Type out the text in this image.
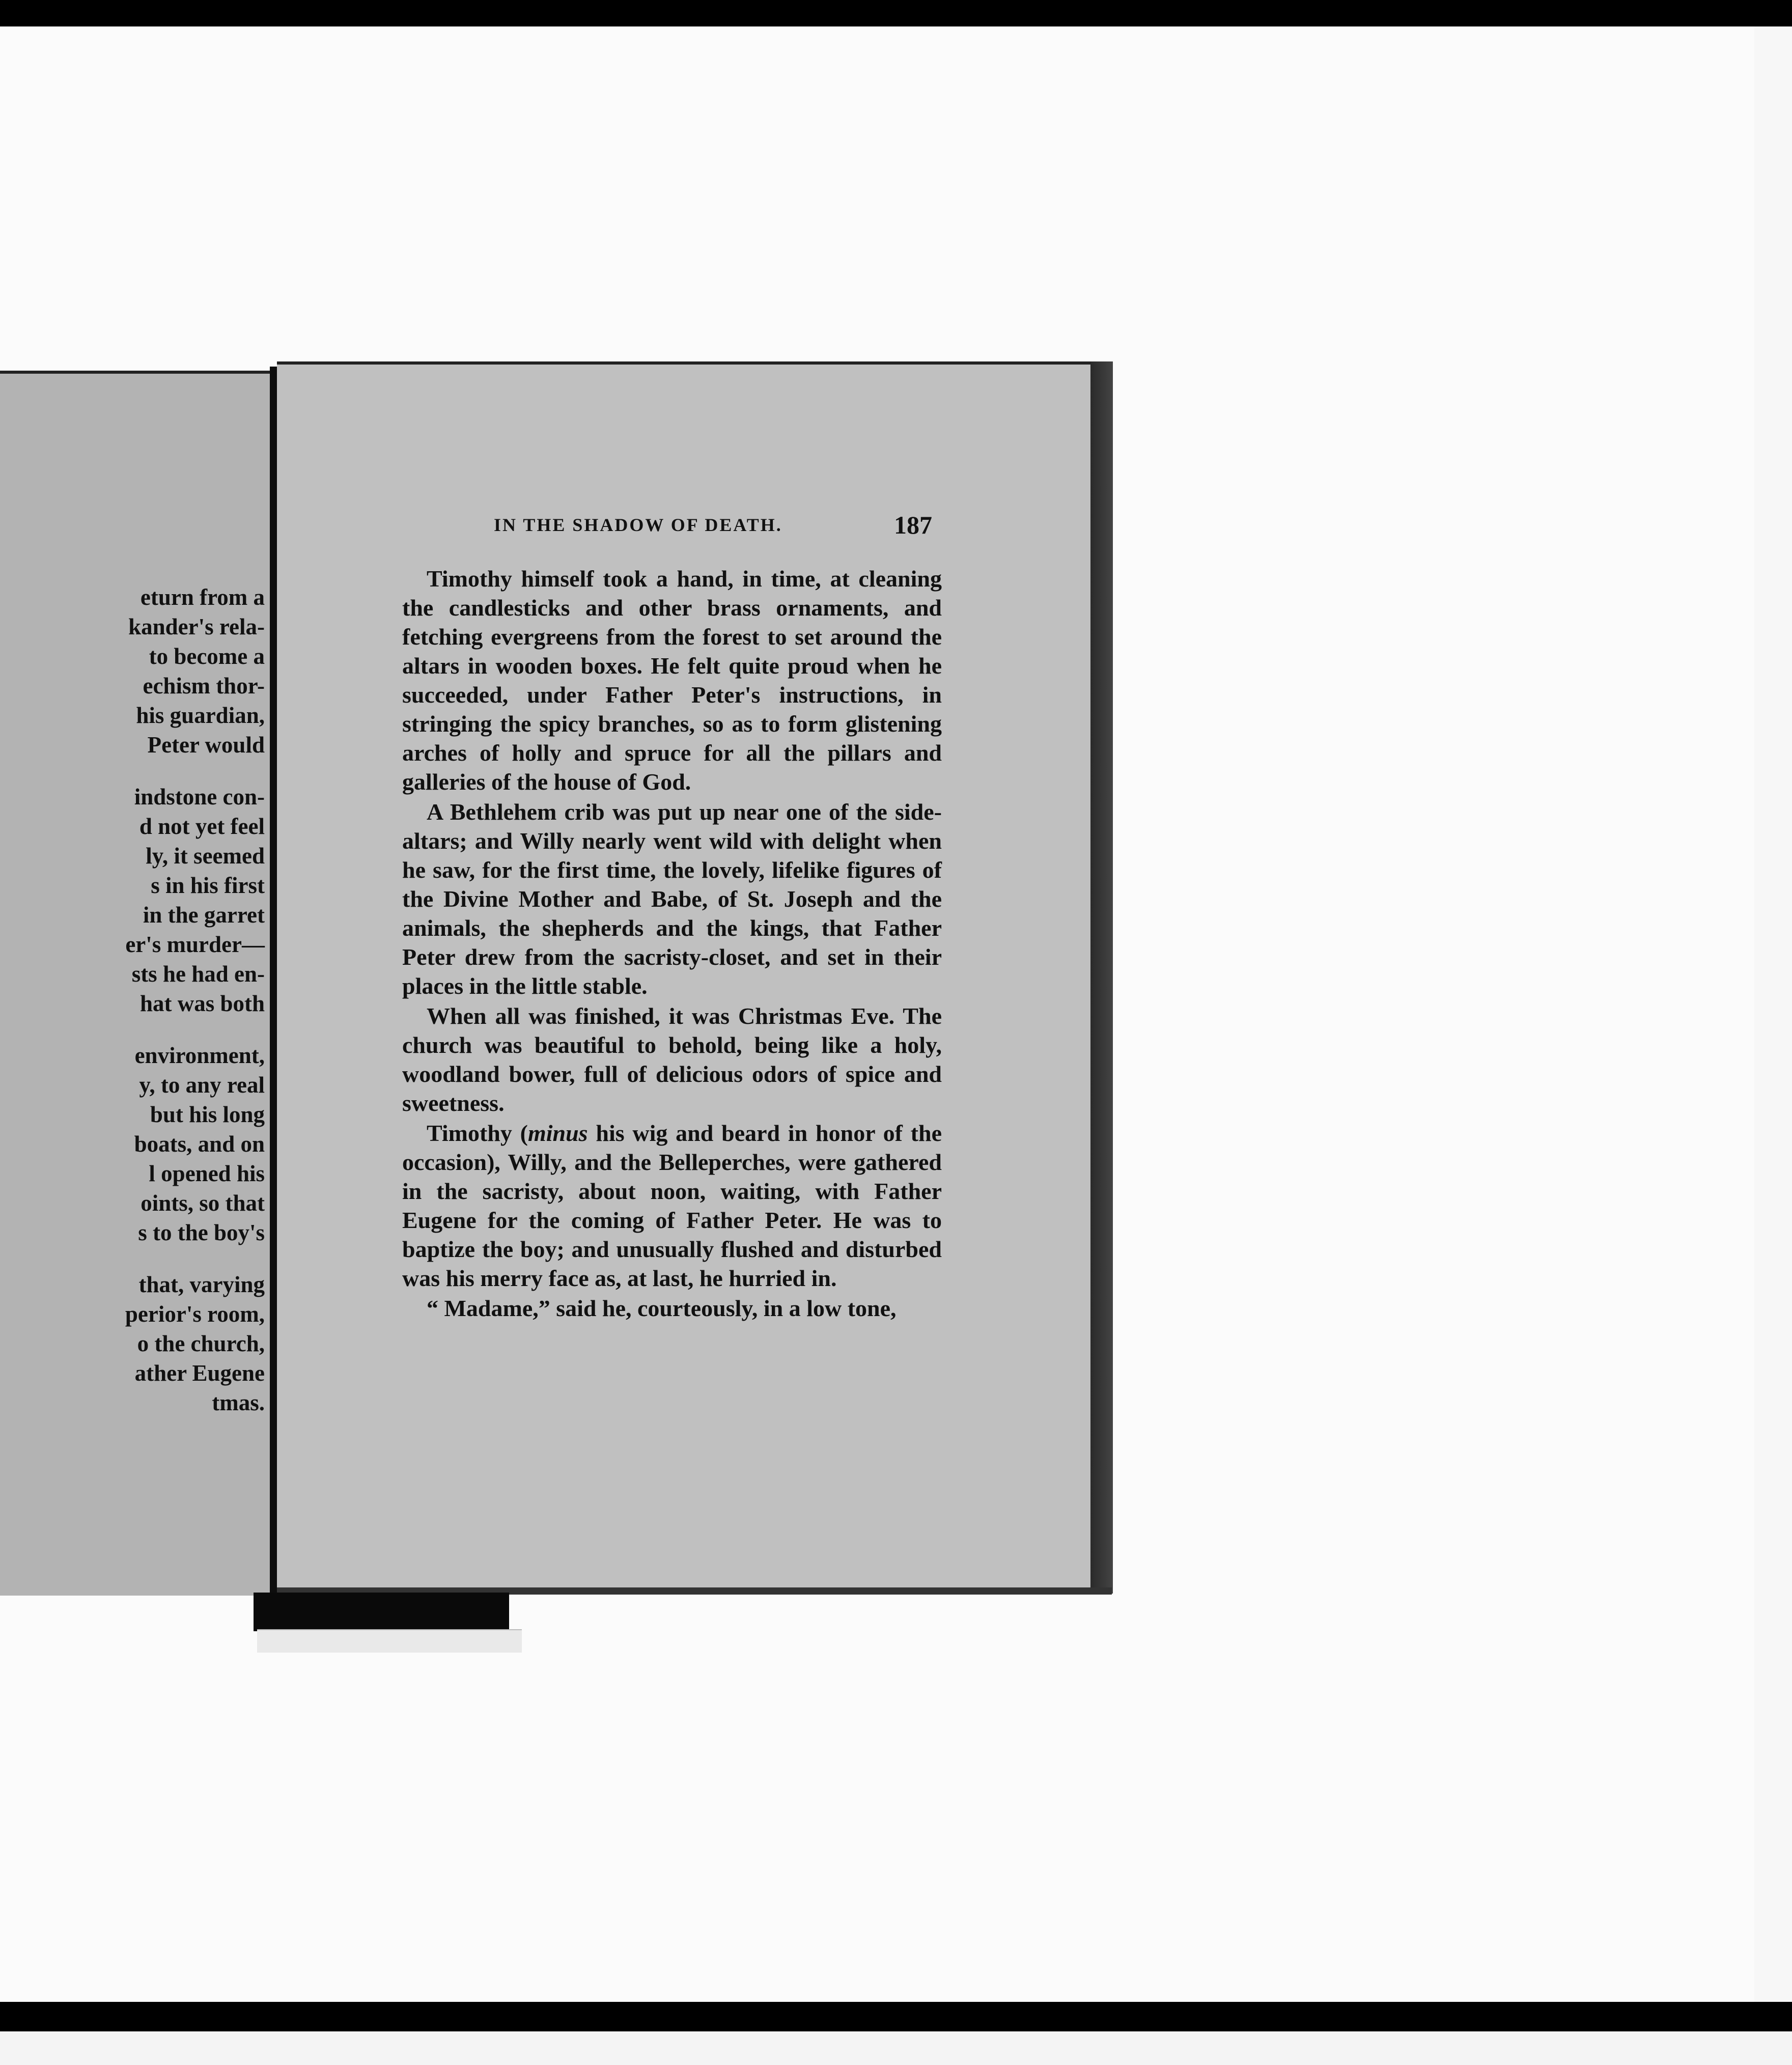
eturn from a
kander's rela-
to become a
echism thor-
his guardian,
Peter would
indstone con-
d not yet feel
ly, it seemed
s in his first
in the garret
er's murder—
sts he had en-
hat was both
environment,
y, to any real
but his long
boats, and on
l opened his
oints, so that
s to the boy's
that, varying
perior's room,
o the church,
ather Eugene
tmas.
IN THE SHADOW OF DEATH.	187

Timothy himself took a hand, in time, at cleaning the candlesticks and other brass ornaments, and fetching evergreens from the forest to set around the altars in wooden boxes. He felt quite proud when he succeeded, under Father Peter's instructions, in stringing the spicy branches, so as to form glistening arches of holly and spruce for all the pillars and galleries of the house of God.

A Bethlehem crib was put up near one of the side-altars; and Willy nearly went wild with delight when he saw, for the first time, the lovely, lifelike figures of the Divine Mother and Babe, of St. Joseph and the animals, the shepherds and the kings, that Father Peter drew from the sacristy-closet, and set in their places in the little stable.

When all was finished, it was Christmas Eve. The church was beautiful to behold, being like a holy, woodland bower, full of delicious odors of spice and sweetness.

Timothy (minus his wig and beard in honor of the occasion), Willy, and the Belleperches, were gathered in the sacristy, about noon, waiting, with Father Eugene for the coming of Father Peter. He was to baptize the boy; and unusually flushed and disturbed was his merry face as, at last, he hurried in.

“ Madame,” said he, courteously, in a low tone,
